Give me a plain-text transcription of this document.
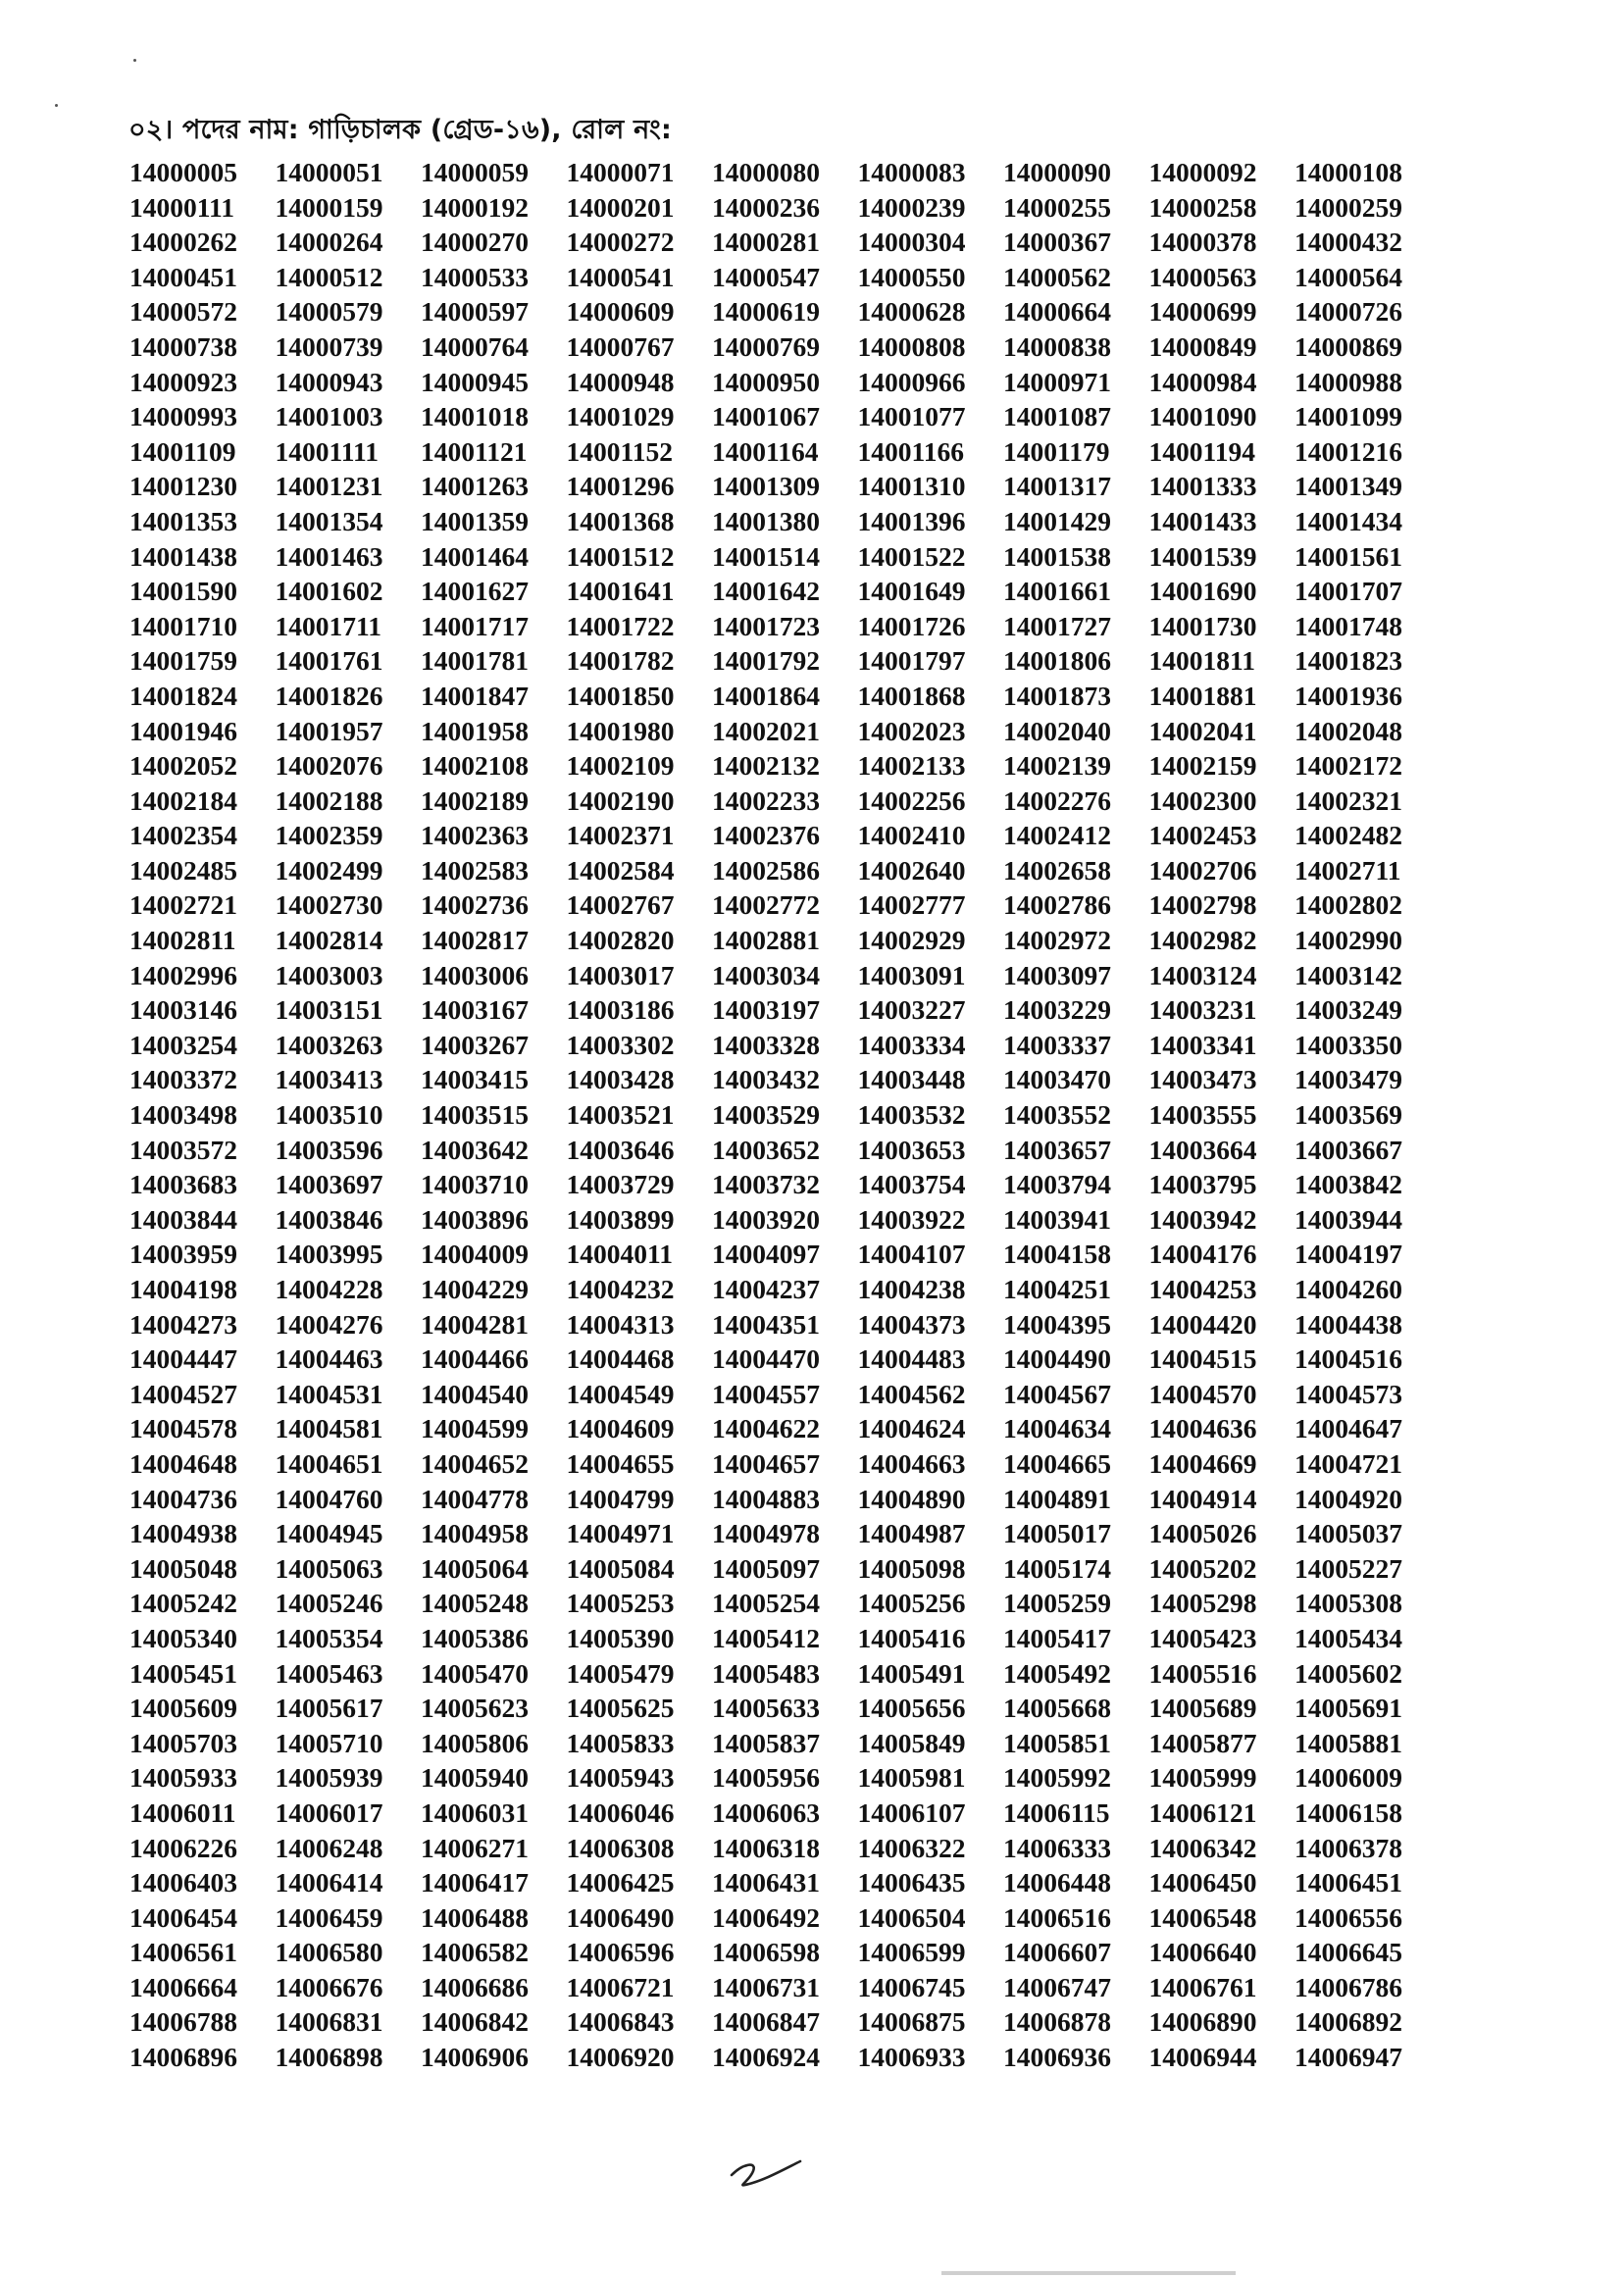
০২। পদের নাম: গাড়িচালক (গ্রেড-১৬), রোল নং:
14000005	14000051	14000059	14000071	14000080	14000083	14000090	14000092	14000108
14000111	14000159	14000192	14000201	14000236	14000239	14000255	14000258	14000259
14000262	14000264	14000270	14000272	14000281	14000304	14000367	14000378	14000432
14000451	14000512	14000533	14000541	14000547	14000550	14000562	14000563	14000564
14000572	14000579	14000597	14000609	14000619	14000628	14000664	14000699	14000726
14000738	14000739	14000764	14000767	14000769	14000808	14000838	14000849	14000869
14000923	14000943	14000945	14000948	14000950	14000966	14000971	14000984	14000988
14000993	14001003	14001018	14001029	14001067	14001077	14001087	14001090	14001099
14001109	14001111	14001121	14001152	14001164	14001166	14001179	14001194	14001216
14001230	14001231	14001263	14001296	14001309	14001310	14001317	14001333	14001349
14001353	14001354	14001359	14001368	14001380	14001396	14001429	14001433	14001434
14001438	14001463	14001464	14001512	14001514	14001522	14001538	14001539	14001561
14001590	14001602	14001627	14001641	14001642	14001649	14001661	14001690	14001707
14001710	14001711	14001717	14001722	14001723	14001726	14001727	14001730	14001748
14001759	14001761	14001781	14001782	14001792	14001797	14001806	14001811	14001823
14001824	14001826	14001847	14001850	14001864	14001868	14001873	14001881	14001936
14001946	14001957	14001958	14001980	14002021	14002023	14002040	14002041	14002048
14002052	14002076	14002108	14002109	14002132	14002133	14002139	14002159	14002172
14002184	14002188	14002189	14002190	14002233	14002256	14002276	14002300	14002321
14002354	14002359	14002363	14002371	14002376	14002410	14002412	14002453	14002482
14002485	14002499	14002583	14002584	14002586	14002640	14002658	14002706	14002711
14002721	14002730	14002736	14002767	14002772	14002777	14002786	14002798	14002802
14002811	14002814	14002817	14002820	14002881	14002929	14002972	14002982	14002990
14002996	14003003	14003006	14003017	14003034	14003091	14003097	14003124	14003142
14003146	14003151	14003167	14003186	14003197	14003227	14003229	14003231	14003249
14003254	14003263	14003267	14003302	14003328	14003334	14003337	14003341	14003350
14003372	14003413	14003415	14003428	14003432	14003448	14003470	14003473	14003479
14003498	14003510	14003515	14003521	14003529	14003532	14003552	14003555	14003569
14003572	14003596	14003642	14003646	14003652	14003653	14003657	14003664	14003667
14003683	14003697	14003710	14003729	14003732	14003754	14003794	14003795	14003842
14003844	14003846	14003896	14003899	14003920	14003922	14003941	14003942	14003944
14003959	14003995	14004009	14004011	14004097	14004107	14004158	14004176	14004197
14004198	14004228	14004229	14004232	14004237	14004238	14004251	14004253	14004260
14004273	14004276	14004281	14004313	14004351	14004373	14004395	14004420	14004438
14004447	14004463	14004466	14004468	14004470	14004483	14004490	14004515	14004516
14004527	14004531	14004540	14004549	14004557	14004562	14004567	14004570	14004573
14004578	14004581	14004599	14004609	14004622	14004624	14004634	14004636	14004647
14004648	14004651	14004652	14004655	14004657	14004663	14004665	14004669	14004721
14004736	14004760	14004778	14004799	14004883	14004890	14004891	14004914	14004920
14004938	14004945	14004958	14004971	14004978	14004987	14005017	14005026	14005037
14005048	14005063	14005064	14005084	14005097	14005098	14005174	14005202	14005227
14005242	14005246	14005248	14005253	14005254	14005256	14005259	14005298	14005308
14005340	14005354	14005386	14005390	14005412	14005416	14005417	14005423	14005434
14005451	14005463	14005470	14005479	14005483	14005491	14005492	14005516	14005602
14005609	14005617	14005623	14005625	14005633	14005656	14005668	14005689	14005691
14005703	14005710	14005806	14005833	14005837	14005849	14005851	14005877	14005881
14005933	14005939	14005940	14005943	14005956	14005981	14005992	14005999	14006009
14006011	14006017	14006031	14006046	14006063	14006107	14006115	14006121	14006158
14006226	14006248	14006271	14006308	14006318	14006322	14006333	14006342	14006378
14006403	14006414	14006417	14006425	14006431	14006435	14006448	14006450	14006451
14006454	14006459	14006488	14006490	14006492	14006504	14006516	14006548	14006556
14006561	14006580	14006582	14006596	14006598	14006599	14006607	14006640	14006645
14006664	14006676	14006686	14006721	14006731	14006745	14006747	14006761	14006786
14006788	14006831	14006842	14006843	14006847	14006875	14006878	14006890	14006892
14006896	14006898	14006906	14006920	14006924	14006933	14006936	14006944	14006947
